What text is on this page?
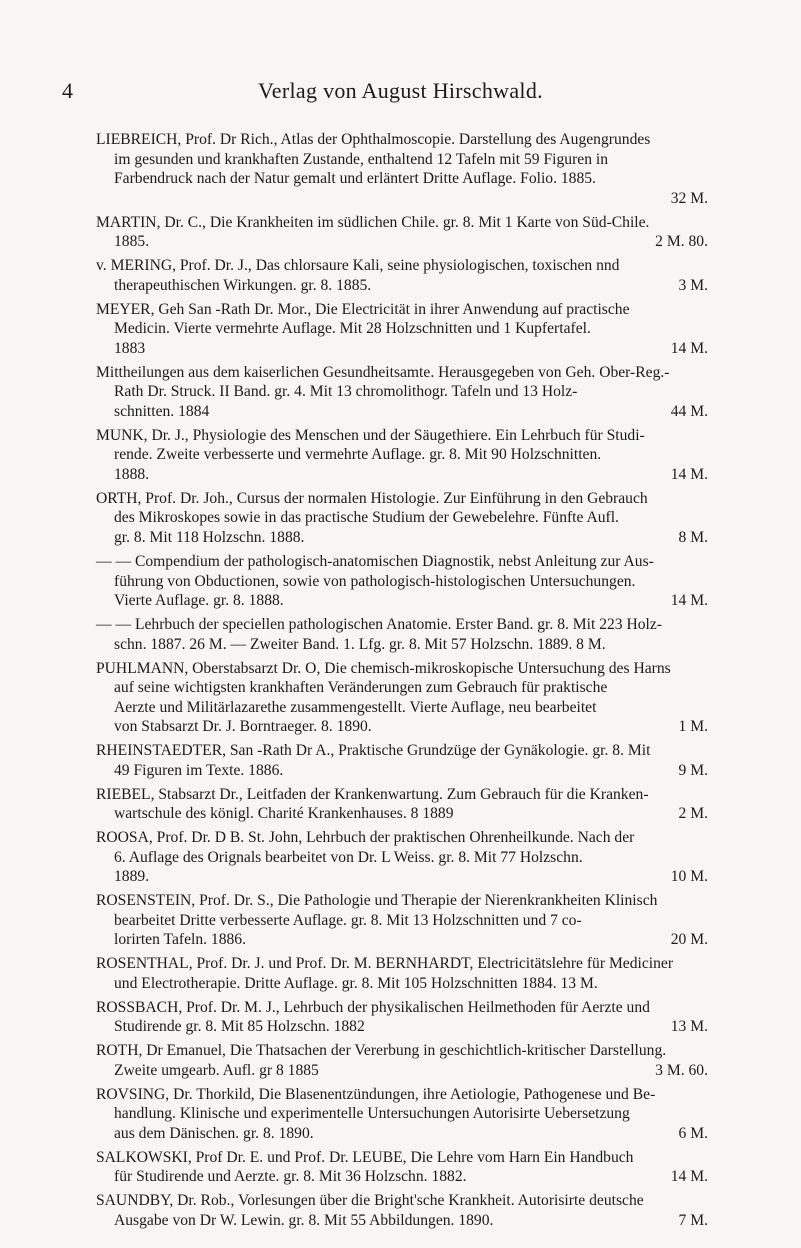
4	Verlag von August Hirschwald.
LIEBREICH, Prof. Dr Rich., Atlas der Ophthalmoscopie. Darstellung des Augengrundes
im gesunden und krankhaften Zustande, enthaltend 12 Tafeln mit 59 Figuren in
Farbendruck nach der Natur gemalt und erläntert Dritte Auflage. Folio. 1885.
32 M.
MARTIN, Dr. C., Die Krankheiten im südlichen Chile. gr. 8. Mit 1 Karte von Süd-Chile.
1885.	2 M. 80.
v. MERING, Prof. Dr. J., Das chlorsaure Kali, seine physiologischen, toxischen nnd
therapeuthischen Wirkungen. gr. 8. 1885.	3 M.
MEYER, Geh San -Rath Dr. Mor., Die Electricität in ihrer Anwendung auf practische
Medicin. Vierte vermehrte Auflage. Mit 28 Holzschnitten und 1 Kupfertafel.
1883	14 M.
Mittheilungen aus dem kaiserlichen Gesundheitsamte. Herausgegeben von Geh. Ober-Reg.-
Rath Dr. Struck. II Band. gr. 4. Mit 13 chromolithogr. Tafeln und 13 Holz-
schnitten. 1884	44 M.
MUNK, Dr. J., Physiologie des Menschen und der Säugethiere. Ein Lehrbuch für Studi-
rende. Zweite verbesserte und vermehrte Auflage. gr. 8. Mit 90 Holzschnitten.
1888.	14 M.
ORTH, Prof. Dr. Joh., Cursus der normalen Histologie. Zur Einführung in den Gebrauch
des Mikroskopes sowie in das practische Studium der Gewebelehre. Fünfte Aufl.
gr. 8. Mit 118 Holzschn. 1888.	8 M.
— — Compendium der pathologisch-anatomischen Diagnostik, nebst Anleitung zur Aus-
führung von Obductionen, sowie von pathologisch-histologischen Untersuchungen.
Vierte Auflage. gr. 8. 1888.	14 M.
— — Lehrbuch der speciellen pathologischen Anatomie. Erster Band. gr. 8. Mit 223 Holz-
schn. 1887. 26 M. — Zweiter Band. 1. Lfg. gr. 8. Mit 57 Holzschn. 1889. 8 M.
PUHLMANN, Oberstabsarzt Dr. O, Die chemisch-mikroskopische Untersuchung des Harns
auf seine wichtigsten krankhaften Veränderungen zum Gebrauch für praktische
Aerzte und Militärlazarethe zusammengestellt. Vierte Auflage, neu bearbeitet
von Stabsarzt Dr. J. Borntraeger. 8. 1890.	1 M.
RHEINSTAEDTER, San -Rath Dr A., Praktische Grundzüge der Gynäkologie. gr. 8. Mit
49 Figuren im Texte. 1886.	9 M.
RIEBEL, Stabsarzt Dr., Leitfaden der Krankenwartung. Zum Gebrauch für die Kranken-
wartschule des königl. Charité Krankenhauses. 8 1889	2 M.
ROOSA, Prof. Dr. D B. St. John, Lehrbuch der praktischen Ohrenheilkunde. Nach der
6. Auflage des Orignals bearbeitet von Dr. L Weiss. gr. 8. Mit 77 Holzschn.
1889.	10 M.
ROSENSTEIN, Prof. Dr. S., Die Pathologie und Therapie der Nierenkrankheiten Klinisch
bearbeitet Dritte verbesserte Auflage. gr. 8. Mit 13 Holzschnitten und 7 co-
lorirten Tafeln. 1886.	20 M.
ROSENTHAL, Prof. Dr. J. und Prof. Dr. M. BERNHARDT, Electricitätslehre für Mediciner
und Electrotherapie. Dritte Auflage. gr. 8. Mit 105 Holzschnitten 1884. 13 M.
ROSSBACH, Prof. Dr. M. J., Lehrbuch der physikalischen Heilmethoden für Aerzte und
Studirende gr. 8. Mit 85 Holzschn. 1882	13 M.
ROTH, Dr Emanuel, Die Thatsachen der Vererbung in geschichtlich-kritischer Darstellung.
Zweite umgearb. Aufl. gr 8 1885	3 M. 60.
ROVSING, Dr. Thorkild, Die Blasenentzündungen, ihre Aetiologie, Pathogenese und Be-
handlung. Klinische und experimentelle Untersuchungen Autorisirte Uebersetzung
aus dem Dänischen. gr. 8. 1890.	6 M.
SALKOWSKI, Prof Dr. E. und Prof. Dr. LEUBE, Die Lehre vom Harn Ein Handbuch
für Studirende und Aerzte. gr. 8. Mit 36 Holzschn. 1882.	14 M.
SAUNDBY, Dr. Rob., Vorlesungen über die Bright'sche Krankheit. Autorisirte deutsche
Ausgabe von Dr W. Lewin. gr. 8. Mit 55 Abbildungen. 1890.	7 M.
